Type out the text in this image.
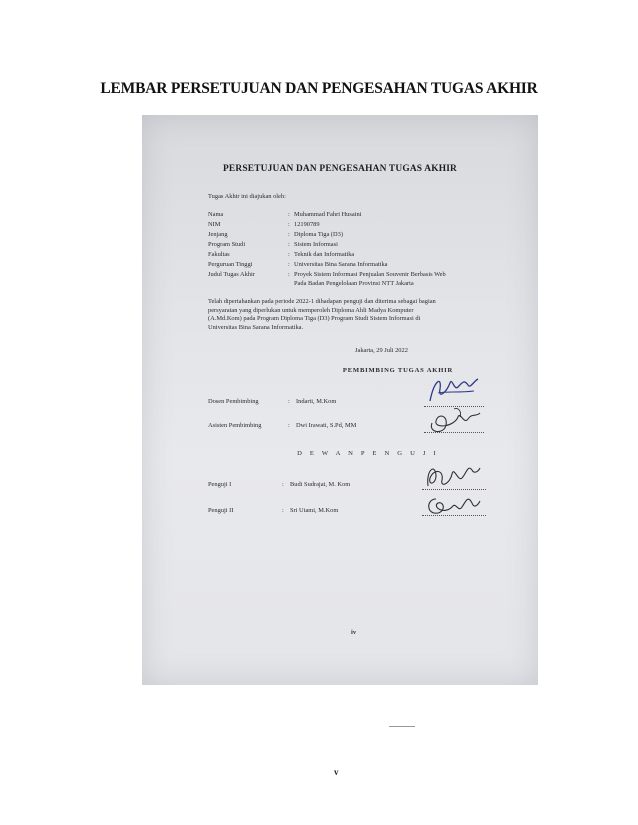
LEMBAR PERSETUJUAN DAN PENGESAHAN TUGAS AKHIR
PERSETUJUAN DAN PENGESAHAN TUGAS AKHIR
Tugas Akhir ini diajukan oleh:
Nama	: Muhammad Fahri Husaini
NIM	: 12190789
Jenjang	: Diploma Tiga (D3)
Program Studi	: Sistem Informasi
Fakultas	: Teknik dan Informatika
Perguruan Tinggi	: Universitas Bina Sarana Informatika
Judul Tugas Akhir	: Proyek Sistem Informasi Penjualan Souvenir Berbasis Web
Pada Badan Pengelolaan Provinsi NTT Jakarta
Telah dipertahankan pada periode 2022-1 dihadapan penguji dan diterima sebagai bagian
persyaratan yang diperlukan untuk memperoleh Diploma Ahli Madya Komputer
(A.Md.Kom) pada Program Diploma Tiga (D3) Program Studi Sistem Informasi di
Universitas Bina Sarana Informatika.
Jakarta, 29 Juli 2022
PEMBIMBING TUGAS AKHIR
Dosen Pembimbing	: Indarti, M.Kom
Asisten Pembimbing	: Dwi Irawati, S.Pd, MM
D E W A N P E N G U J I
Penguji I	: Budi Sudrajat, M. Kom
Penguji II	: Sri Utami, M.Kom
iv
v
